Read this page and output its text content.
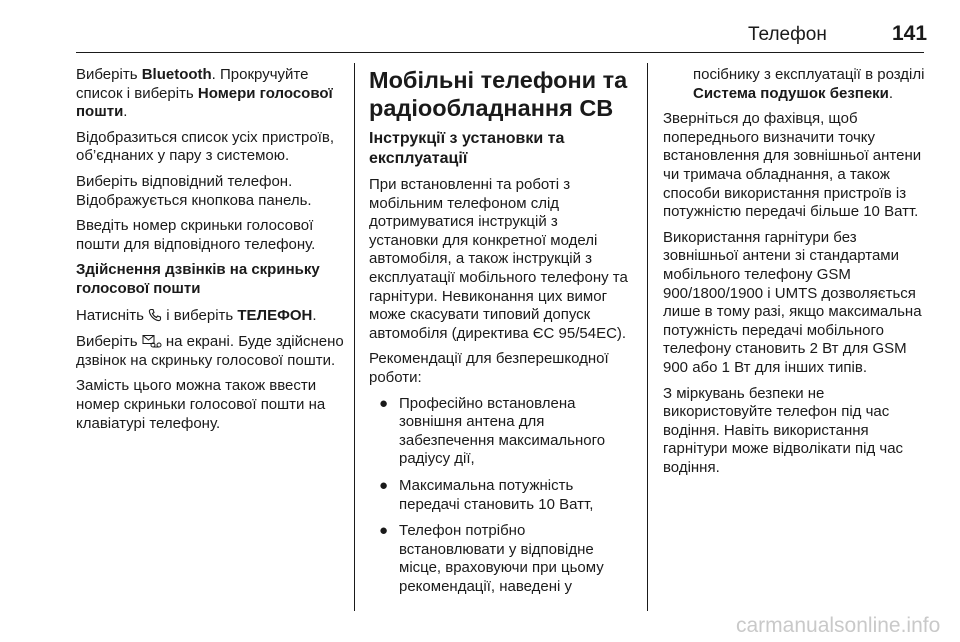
Телефон	141

Виберіть Bluetooth. Прокручуйте список і виберіть Номери голосової пошти.

Відобразиться список усіх пристроїв, об’єднаних у пару з системою.

Виберіть відповідний телефон. Відображується кнопкова панель.

Введіть номер скриньки голосової пошти для відповідного телефону.

Здійснення дзвінків на скриньку голосової пошти

Натисніть  і виберіть ТЕЛЕФОН.

Виберіть  на екрані. Буде здійснено дзвінок на скриньку голосової пошти.

Замість цього можна також ввести номер скриньки голосової пошти на клавіатурі телефону.

Мобільні телефони та радіообладнання CB

Інструкції з установки та експлуатації

При встановленні та роботі з мобільним телефоном слід дотримуватися інструкцій з установки для конкретної моделі автомобіля, а також інструкцій з експлуатації мобільного телефону та гарнітури. Невиконання цих вимог може скасувати типовий допуск автомобіля (директива ЄС 95/54ЕС).

Рекомендації для безперешкодної роботи:

● Професійно встановлена зовнішня антена для забезпечення максимального радіусу дії,
● Максимальна потужність передачі становить 10 Ватт,
● Телефон потрібно встановлювати у відповідне місце, враховуючи при цьому рекомендації, наведені у

посібнику з експлуатації в розділі Система подушок безпеки.

Зверніться до фахівця, щоб попереднього визначити точку встановлення для зовнішньої антени чи тримача обладнання, а також способи використання пристроїв із потужністю передачі більше 10 Ватт.

Використання гарнітури без зовнішньої антени зі стандартами мобільного телефону GSM 900/1800/1900 і UMTS дозволяється лише в тому разі, якщо максимальна потужність передачі мобільного телефону становить 2 Вт для GSM 900 або 1 Вт для інших типів.

З міркувань безпеки не використовуйте телефон під час водіння. Навіть використання гарнітури може відволікати під час водіння.

carmanualsonline.info
